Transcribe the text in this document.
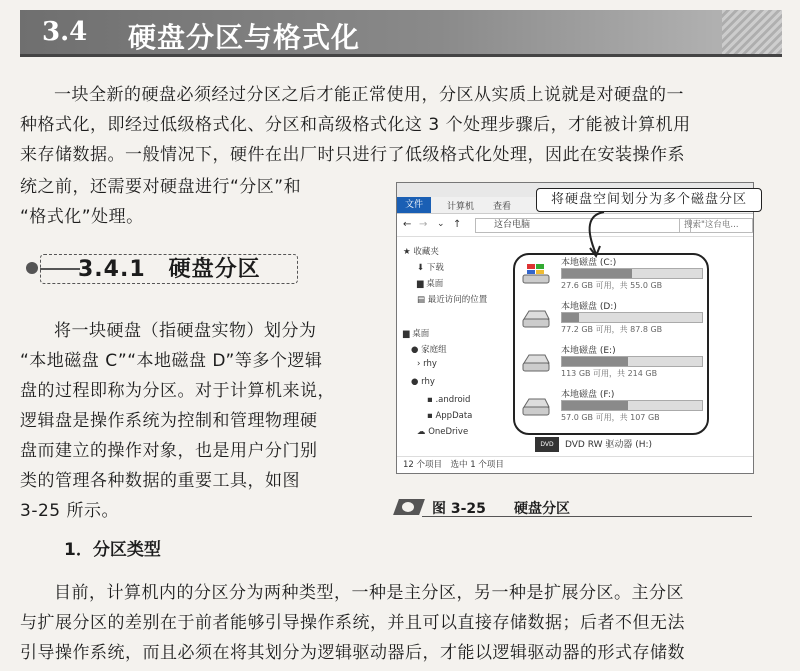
3.4 硬盘分区与格式化

一块全新的硬盘必须经过分区之后才能正常使用，分区从实质上说就是对硬盘的一
种格式化，即经过低级格式化、分区和高级格式化这 3 个处理步骤后，才能被计算机用
来存储数据。一般情况下，硬件在出厂时只进行了低级格式化处理，因此在安装操作系

统之前，还需要对硬盘进行“分区”和
“格式化”处理。

3.4.1　硬盘分区

将一块硬盘（指硬盘实物）划分为
“本地磁盘 C”“本地磁盘 D”等多个逻辑
盘的过程即称为分区。对于计算机来说，
逻辑盘是操作系统为控制和管理物理硬
盘而建立的操作对象，也是用户分门别
类的管理各种数据的重要工具，如图
3-25 所示。

文件	计算机 查看
← → ⌄ ↑	这台电脑	搜索"这台电...
★ 收藏夹
⬇ 下载
▆ 桌面
▤ 最近访问的位置
▆ 桌面
● 家庭组
› rhy
● rhy
▪ .android
▪ AppData
☁ OneDrive
本地磁盘 (C:)
27.6 GB 可用，共 55.0 GB
本地磁盘 (D:)
77.2 GB 可用，共 87.8 GB
本地磁盘 (E:)
113 GB 可用，共 214 GB
本地磁盘 (F:)
57.0 GB 可用，共 107 GB
DVD DVD RW 驱动器 (H:)
12 个项目　选中 1 个项目
将硬盘空间划分为多个磁盘分区
图 3-25 硬盘分区
1．分区类型

目前，计算机内的分区分为两种类型，一种是主分区，另一种是扩展分区。主分区
与扩展分区的差别在于前者能够引导操作系统，并且可以直接存储数据；后者不但无法
引导操作系统，而且必须在将其划分为逻辑驱动器后，才能以逻辑驱动器的形式存储数
